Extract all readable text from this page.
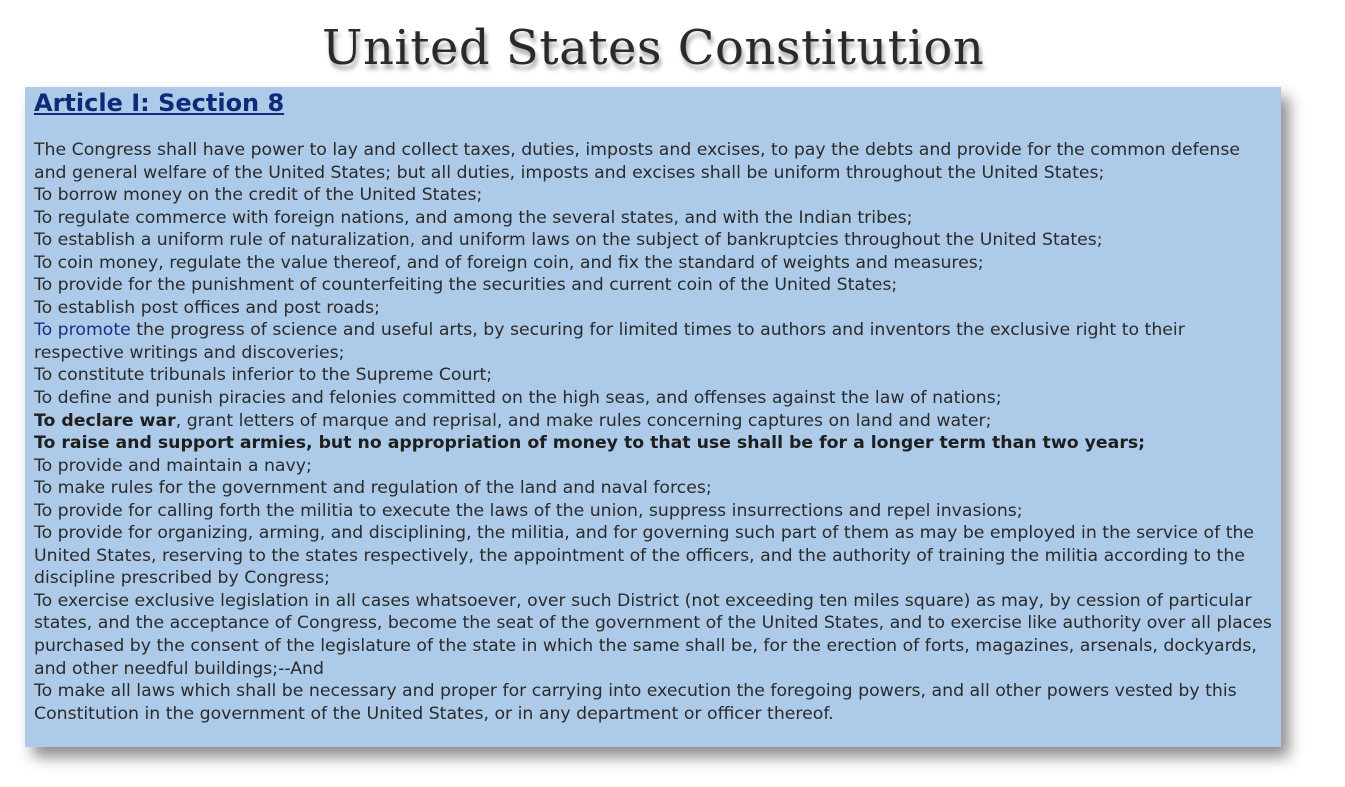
United States Constitution
Article I: Section 8
The Congress shall have power to lay and collect taxes, duties, imposts and excises, to pay the debts and provide for the common defense and general welfare of the United States; but all duties, imposts and excises shall be uniform throughout the United States;
To borrow money on the credit of the United States;
To regulate commerce with foreign nations, and among the several states, and with the Indian tribes;
To establish a uniform rule of naturalization, and uniform laws on the subject of bankruptcies throughout the United States;
To coin money, regulate the value thereof, and of foreign coin, and fix the standard of weights and measures;
To provide for the punishment of counterfeiting the securities and current coin of the United States;
To establish post offices and post roads;
To promote the progress of science and useful arts, by securing for limited times to authors and inventors the exclusive right to their respective writings and discoveries;
To constitute tribunals inferior to the Supreme Court;
To define and punish piracies and felonies committed on the high seas, and offenses against the law of nations;
To declare war, grant letters of marque and reprisal, and make rules concerning captures on land and water;
To raise and support armies, but no appropriation of money to that use shall be for a longer term than two years;
To provide and maintain a navy;
To make rules for the government and regulation of the land and naval forces;
To provide for calling forth the militia to execute the laws of the union, suppress insurrections and repel invasions;
To provide for organizing, arming, and disciplining, the militia, and for governing such part of them as may be employed in the service of the United States, reserving to the states respectively, the appointment of the officers, and the authority of training the militia according to the discipline prescribed by Congress;
To exercise exclusive legislation in all cases whatsoever, over such District (not exceeding ten miles square) as may, by cession of particular states, and the acceptance of Congress, become the seat of the government of the United States, and to exercise like authority over all places purchased by the consent of the legislature of the state in which the same shall be, for the erection of forts, magazines, arsenals, dockyards, and other needful buildings;--And
To make all laws which shall be necessary and proper for carrying into execution the foregoing powers, and all other powers vested by this Constitution in the government of the United States, or in any department or officer thereof.
